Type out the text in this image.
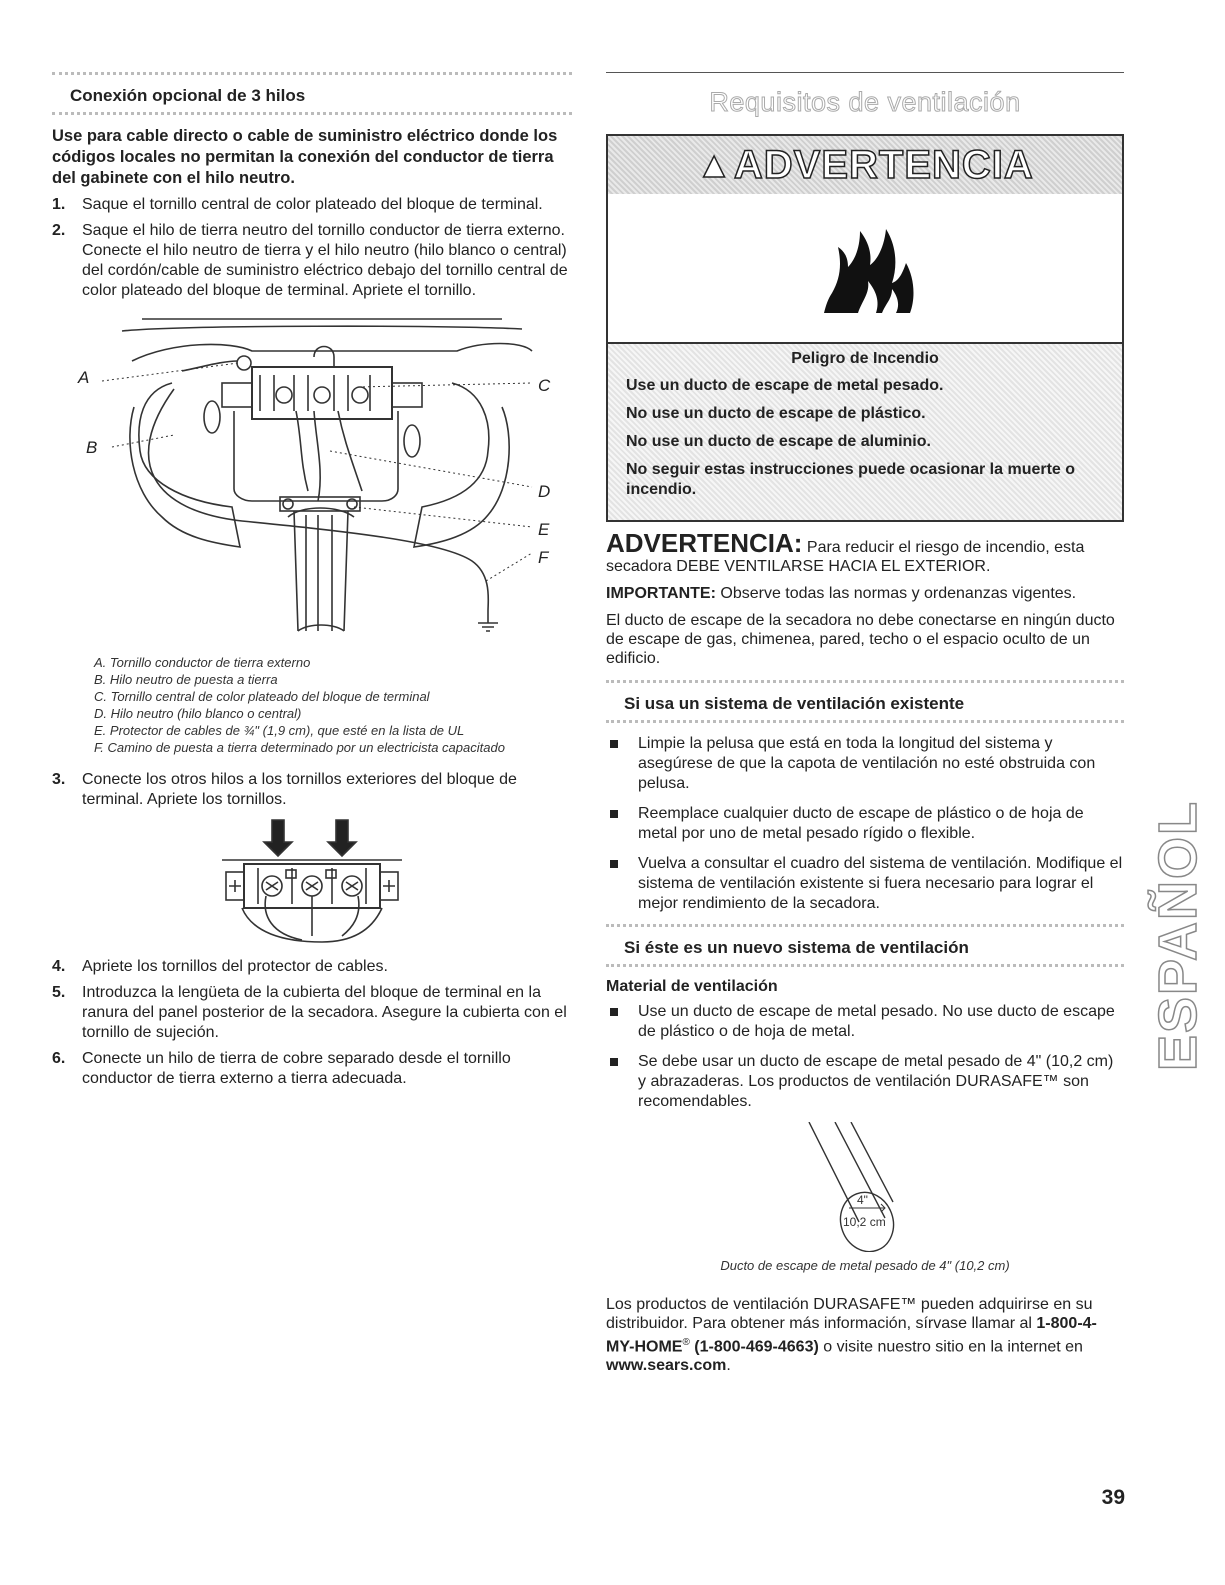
Conexión opcional de 3 hilos
Use para cable directo o cable de suministro eléctrico donde los códigos locales no permitan la conexión del conductor de tierra del gabinete con el hilo neutro.
1. Saque el tornillo central de color plateado del bloque de terminal.
2. Saque el hilo de tierra neutro del tornillo conductor de tierra externo. Conecte el hilo neutro de tierra y el hilo neutro (hilo blanco o central) del cordón/cable de suministro eléctrico debajo del tornillo central de color plateado del bloque de terminal. Apriete el tornillo.
A
B
C
D
E
F
A. Tornillo conductor de tierra externo
B. Hilo neutro de puesta a tierra
C. Tornillo central de color plateado del bloque de terminal
D. Hilo neutro (hilo blanco o central)
E. Protector de cables de ¾" (1,9 cm), que esté en la lista de UL
F. Camino de puesta a tierra determinado por un electricista capacitado
3. Conecte los otros hilos a los tornillos exteriores del bloque de terminal. Apriete los tornillos.
4. Apriete los tornillos del protector de cables.
5. Introduzca la lengüeta de la cubierta del bloque de terminal en la ranura del panel posterior de la secadora. Asegure la cubierta con el tornillo de sujeción.
6. Conecte un hilo de tierra de cobre separado desde el tornillo conductor de tierra externo a tierra adecuada.
Requisitos de ventilación
▲ ADVERTENCIA
Peligro de Incendio

Use un ducto de escape de metal pesado.

No use un ducto de escape de plástico.

No use un ducto de escape de aluminio.

No seguir estas instrucciones puede ocasionar la muerte o incendio.

ADVERTENCIA: Para reducir el riesgo de incendio, esta secadora DEBE VENTILARSE HACIA EL EXTERIOR.
IMPORTANTE: Observe todas las normas y ordenanzas vigentes.
El ducto de escape de la secadora no debe conectarse en ningún ducto de escape de gas, chimenea, pared, techo o el espacio oculto de un edificio.
Si usa un sistema de ventilación existente
Limpie la pelusa que está en toda la longitud del sistema y asegúrese de que la capota de ventilación no esté obstruida con pelusa.
Reemplace cualquier ducto de escape de plástico o de hoja de metal por uno de metal pesado rígido o flexible.
Vuelva a consultar el cuadro del sistema de ventilación. Modifique el sistema de ventilación existente si fuera necesario para lograr el mejor rendimiento de la secadora.
Si éste es un nuevo sistema de ventilación
Material de ventilación
Use un ducto de escape de metal pesado. No use ducto de escape de plástico o de hoja de metal.
Se debe usar un ducto de escape de metal pesado de 4" (10,2 cm) y abrazaderas. Los productos de ventilación DURASAFE™ son recomendables.
4"
10,2 cm
Ducto de escape de metal pesado de 4" (10,2 cm)
Los productos de ventilación DURASAFE™ pueden adquirirse en su distribuidor. Para obtener más información, sírvase llamar al 1-800-4-MY-HOME® (1-800-469-4663) o visite nuestro sitio en la internet en www.sears.com.
ESPAÑOL
39
